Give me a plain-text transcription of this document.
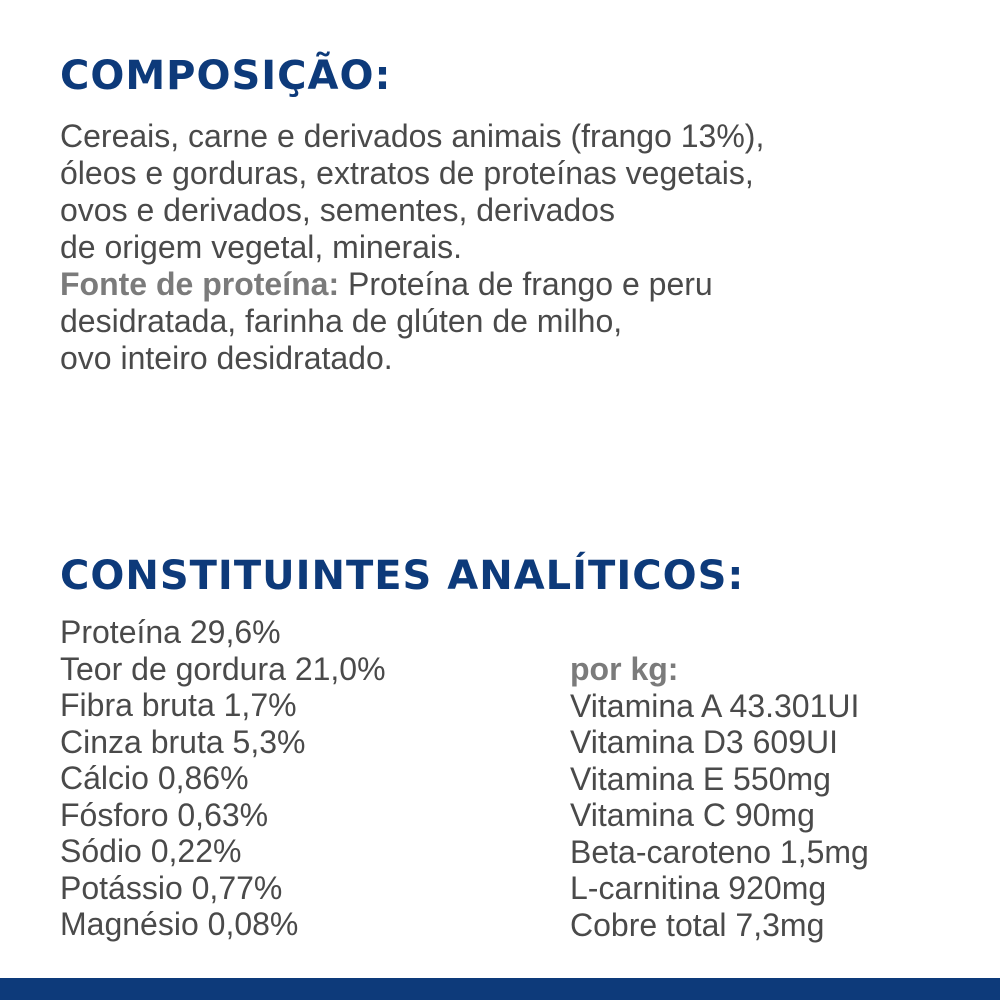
COMPOSIÇÃO:
Cereais, carne e derivados animais (frango 13%),
óleos e gorduras, extratos de proteínas vegetais,
ovos e derivados, sementes, derivados
de origem vegetal, minerais.
Fonte de proteína: Proteína de frango e peru
desidratada, farinha de glúten de milho,
ovo inteiro desidratado.
CONSTITUINTES ANALÍTICOS:
Proteína 29,6%
Teor de gordura 21,0%
Fibra bruta 1,7%
Cinza bruta 5,3%
Cálcio 0,86%
Fósforo 0,63%
Sódio 0,22%
Potássio 0,77%
Magnésio 0,08%
por kg:
Vitamina A 43.301UI
Vitamina D3 609UI
Vitamina E 550mg
Vitamina C 90mg
Beta-caroteno 1,5mg
L-carnitina 920mg
Cobre total 7,3mg
